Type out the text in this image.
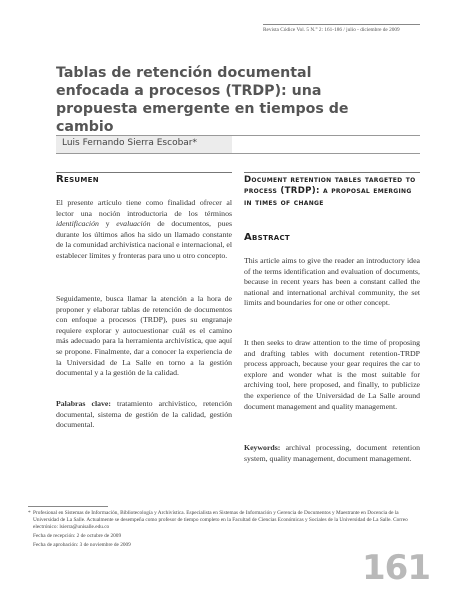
Revista Códice Vol. 5 N.° 2: 161-186 / julio - diciembre de 2009
Tablas de retención documental enfocada a procesos (TRDP): una propuesta emergente en tiempos de cambio
Luis Fernando Sierra Escobar*
Resumen

El presente artículo tiene como finalidad ofrecer al lector una noción introductoria de los términos identificación y evaluación de documentos, pues durante los últimos años ha sido un llamado constante de la comunidad archivística nacional e internacional, el establecer límites y fronteras para uno u otro concepto.

Seguidamente, busca llamar la atención a la hora de proponer y elaborar tablas de retención de documentos con enfoque a procesos (TRDP), pues su engranaje requiere explorar y autocuestionar cuál es el camino más adecuado para la herramienta archivística, que aquí se propone. Finalmente, dar a conocer la experiencia de la Universidad de La Salle en torno a la gestión documental y a la gestión de la calidad.

Palabras clave: tratamiento archivístico, retención documental, sistema de gestión de la calidad, gestión documental.

Document retention tables targeted to process (TRDP): a proposal emerging in times of change
Abstract

This article aims to give the reader an introductory idea of the terms identification and evaluation of documents, because in recent years has been a constant called the national and international archival community, the set limits and boundaries for one or other concept.

It then seeks to draw attention to the time of proposing and drafting tables with document retention-TRDP process approach, because your gear requires the car to explore and wonder what is the most suitable for archiving tool, here proposed, and finally, to publicize the experience of the Universidad de La Salle around document management and quality management.

Keywords: archival processing, document retention system, quality management, document management.

* Profesional en Sistemas de Información, Bibliotecología y Archivística. Especialista en Sistemas de Información y Gerencia de Documentos y Maestrante en Docencia de la Universidad de La Salle. Actualmente se desempeña como profesor de tiempo completo en la Facultad de Ciencias Económicas y Sociales de la Universidad de La Salle. Correo electrónico: lsierra@unisalle.edu.co
Fecha de recepción: 2 de octubre de 2009
Fecha de aprobación: 3 de noviembre de 2009
161
